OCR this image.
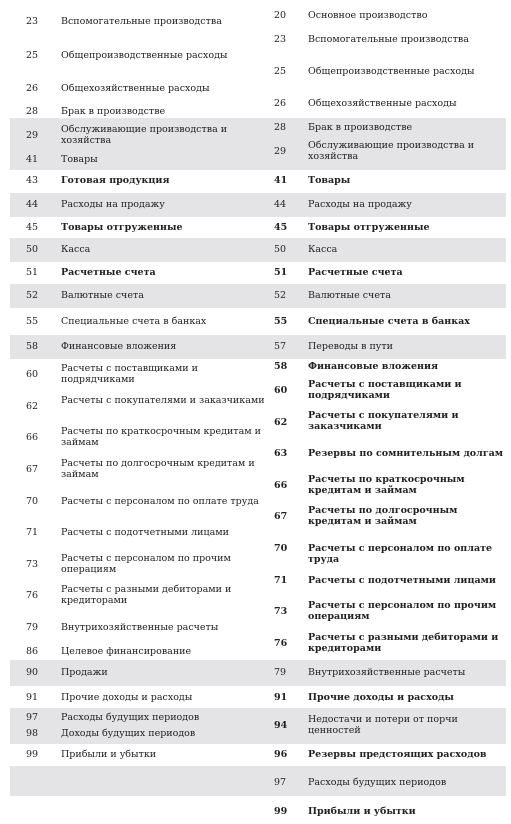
23 Вспомогательные производства
25 Общепроизводственные расходы
26 Общехозяйственные расходы
28 Брак в производстве
29
Обслуживающие производства и хозяйства
41 Товары
43 Готовая продукция
44 Расходы на продажу
45 Товары отгруженные
50 Касса
51 Расчетные счета
52 Валютные счета
55 Специальные счета в банках
58 Финансовые вложения
60
Расчеты с поставщиками и подрядчиками
62
Расчеты с покупателями и заказчиками
66
Расчеты по краткосрочным кредитам и займам
67
Расчеты по долгосрочным кредитам и займам
70 Расчеты с персоналом по оплате труда
71 Расчеты с подотчетными лицами
73
Расчеты с персоналом по прочим операциям
76
Расчеты с разными дебиторами и кредиторами
79 Внутрихозяйственные расчеты
86 Целевое финансирование
90 Продажи
91 Прочие доходы и расходы
97 Расходы будущих периодов
98 Доходы будущих периодов
99 Прибыли и убытки
20 Основное производство
23 Вспомогательные производства
25 Общепроизводственные расходы
26 Общехозяйственные расходы
28 Брак в производстве
29
Обслуживающие производства и хозяйства
41 Товары
44 Расходы на продажу
45 Товары отгруженные
50 Касса
51 Расчетные счета
52 Валютные счета
55 Специальные счета в банках
57 Переводы в пути
58 Финансовые вложения
60
Расчеты с поставщиками и подрядчиками
62
Расчеты с покупателями и заказчиками
63 Резервы по сомнительным долгам
66
Расчеты по краткосрочным кредитам и займам
67
Расчеты по долгосрочным кредитам и займам
70 Расчеты с персоналом по оплате труда
71 Расчеты с подотчетными лицами
73
Расчеты с персоналом по прочим операциям
76
Расчеты с разными дебиторами и кредиторами
79 Внутрихозяйственные расчеты
91 Прочие доходы и расходы
94
Недостачи и потери от порчи ценностей
96 Резервы предстоящих расходов
97 Расходы будущих периодов
99 Прибыли и убытки
